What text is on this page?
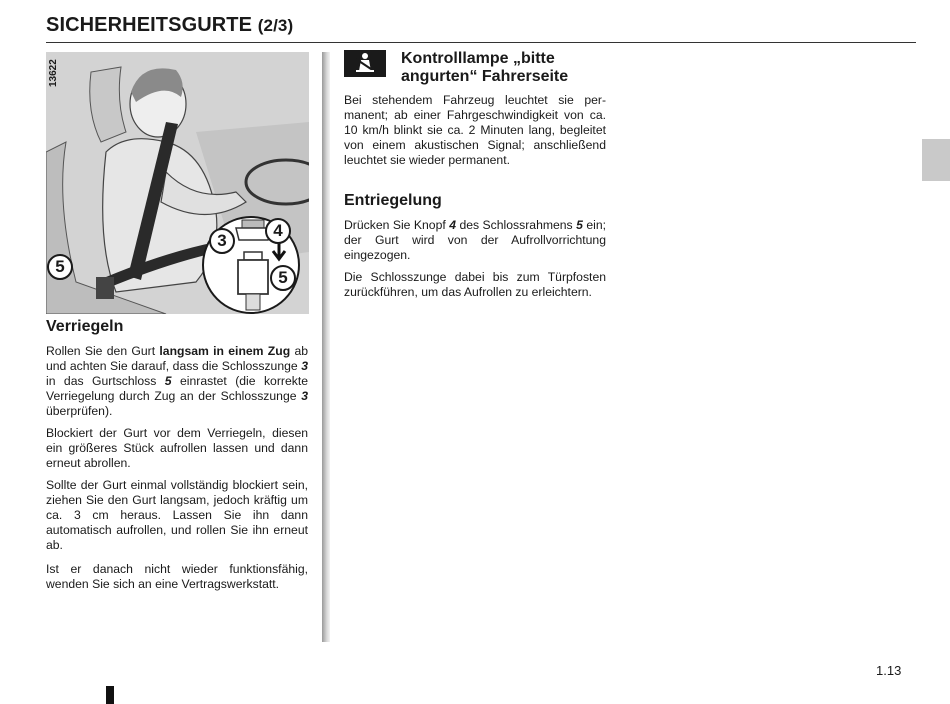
SICHERHEITSGURTE (2/3)
13622
5
3
4
5
Verriegeln
Rollen Sie den Gurt langsam in einem Zug ab und achten Sie darauf, dass die Schlosszunge 3 in das Gurtschloss 5 einrastet (die korrekte Verriegelung durch Zug an der Schlosszunge 3 überprüfen).
Blockiert der Gurt vor dem Verriegeln, diesen ein größeres Stück aufrollen lassen und dann erneut abrollen.
Sollte der Gurt einmal vollständig blockiert sein, ziehen Sie den Gurt langsam, jedoch kräftig um ca. 3 cm heraus. Lassen Sie ihn dann automatisch aufrollen, und rollen Sie ihn erneut ab.
Ist er danach nicht wieder funktionsfähig, wenden Sie sich an eine Vertragswerkstatt.
Kontrolllampe „bitte angurten“ Fahrerseite
Bei stehendem Fahrzeug leuchtet sie permanent; ab einer Fahrgeschwindigkeit von ca. 10 km/h blinkt sie ca. 2 Minuten lang, begleitet von einem akustischen Signal; anschließend leuchtet sie wieder permanent.
Entriegelung
Drücken Sie Knopf 4 des Schlossrahmens 5 ein; der Gurt wird von der Aufrollvorrichtung eingezogen.
Die Schlosszunge dabei bis zum Türpfosten zurückführen, um das Aufrollen zu erleichtern.
1.13
